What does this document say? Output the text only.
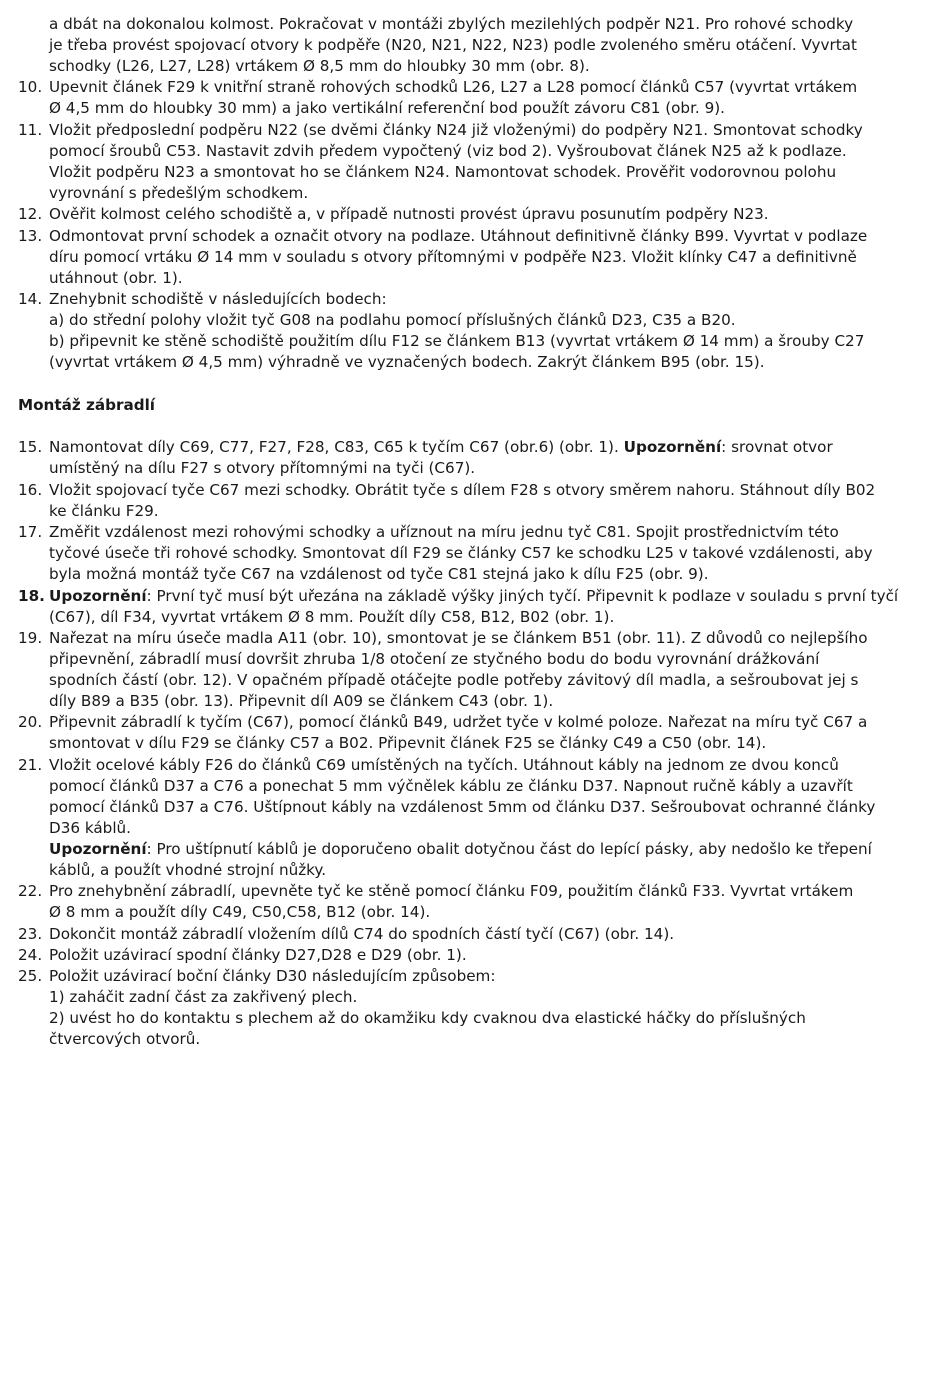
a dbát na dokonalou kolmost. Pokračovat v montáži zbylých mezilehlých podpěr N21. Pro rohové schodky
je třeba provést spojovací otvory k podpěře (N20, N21, N22, N23) podle zvoleného směru otáčení. Vyvrtat
schodky (L26, L27, L28) vrtákem Ø 8,5 mm do hloubky 30 mm (obr. 8).
10. Upevnit článek F29 k vnitřní straně rohových schodků L26, L27 a L28 pomocí článků C57 (vyvrtat vrtákem
Ø 4,5 mm do hloubky 30 mm) a jako vertikální referenční bod použít závoru C81 (obr. 9).
11. Vložit předposlední podpěru N22 (se dvěmi články N24 již vloženými) do podpěry N21. Smontovat schodky
pomocí šroubů C53. Nastavit zdvih předem vypočtený (viz bod 2). Vyšroubovat článek N25 až k podlaze.
Vložit podpěru N23 a smontovat ho se článkem N24. Namontovat schodek. Prověřit vodorovnou polohu
vyrovnání s předešlým schodkem.
12. Ověřit kolmost celého schodiště a, v případě nutnosti provést úpravu posunutím podpěry N23.
13. Odmontovat první schodek a označit otvory na podlaze. Utáhnout definitivně články B99. Vyvrtat v podlaze
díru pomocí vrtáku Ø 14 mm v souladu s otvory přítomnými v podpěře N23. Vložit klínky C47 a definitivně
utáhnout (obr. 1).
14. Znehybnit schodiště v následujících bodech:
a) do střední polohy vložit tyč G08 na podlahu pomocí příslušných článků D23, C35 a B20.
b) připevnit ke stěně schodiště použitím dílu F12 se článkem B13 (vyvrtat vrtákem Ø 14 mm) a šrouby C27
(vyvrtat vrtákem Ø 4,5 mm) výhradně ve vyznačených bodech. Zakrýt článkem B95 (obr. 15).
Montáž zábradlí
15. Namontovat díly C69, C77, F27, F28, C83, C65 k tyčím C67 (obr.6) (obr. 1). Upozornění: srovnat otvor
umístěný na dílu F27 s otvory přítomnými na tyči (C67).
16. Vložit spojovací tyče C67 mezi schodky. Obrátit tyče s dílem F28 s otvory směrem nahoru. Stáhnout díly B02
ke článku F29.
17. Změřit vzdálenost mezi rohovými schodky a uříznout na míru jednu tyč C81. Spojit prostřednictvím této
tyčové úseče tři rohové schodky. Smontovat díl F29 se články C57 ke schodku L25 v takové vzdálenosti, aby
byla možná montáž tyče C67 na vzdálenost od tyče C81 stejná jako k dílu F25 (obr. 9).
18. Upozornění: První tyč musí být uřezána na základě výšky jiných tyčí. Připevnit k podlaze v souladu s první tyčí
(C67), díl F34, vyvrtat vrtákem Ø 8 mm. Použít díly C58, B12, B02 (obr. 1).
19. Nařezat na míru úseče madla A11 (obr. 10), smontovat je se článkem B51 (obr. 11). Z důvodů co nejlepšího
připevnění, zábradlí musí dovršit zhruba 1/8 otočení ze styčného bodu do bodu vyrovnání drážkování
spodních částí (obr. 12). V opačném případě otáčejte podle potřeby závitový díl madla, a sešroubovat jej s
díly B89 a B35 (obr. 13). Připevnit díl A09 se článkem C43 (obr. 1).
20. Připevnit zábradlí k tyčím (C67), pomocí článků B49, udržet tyče v kolmé poloze. Nařezat na míru tyč C67 a
smontovat v dílu F29 se články C57 a B02. Připevnit článek F25 se články C49 a C50 (obr. 14).
21. Vložit ocelové kábly F26 do článků C69 umístěných na tyčích. Utáhnout kábly na jednom ze dvou konců
pomocí článků D37 a C76 a ponechat 5 mm výčnělek káblu ze článku D37. Napnout ručně kábly a uzavřít
pomocí článků D37 a C76. Uštípnout kábly na vzdálenost 5mm od článku D37. Sešroubovat ochranné články
D36 káblů.
Upozornění: Pro uštípnutí káblů je doporučeno obalit dotyčnou část do lepící pásky, aby nedošlo ke třepení
káblů, a použít vhodné strojní nůžky.
22. Pro znehybnění zábradlí, upevněte tyč ke stěně pomocí článku F09, použitím článků F33. Vyvrtat vrtákem
Ø 8 mm a použít díly C49, C50,C58, B12 (obr. 14).
23. Dokončit montáž zábradlí vložením dílů C74 do spodních částí tyčí (C67) (obr. 14).
24. Položit uzávirací spodní články D27,D28 e D29 (obr. 1).
25. Položit uzávirací boční články D30 následujícím způsobem:
1) zaháčit zadní část za zakřivený plech.
2) uvést ho do kontaktu s plechem až do okamžiku kdy cvaknou dva elastické háčky do příslušných
čtvercových otvorů.
